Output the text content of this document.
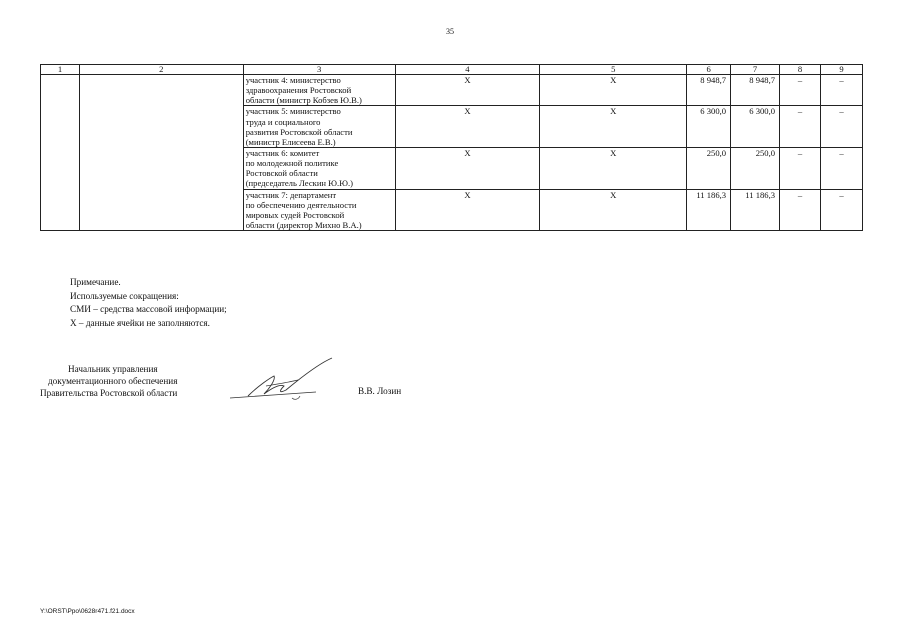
35
1	2	3	4	5	6	7	8	9

		участник 4: министерство
здравоохранения Ростовской
области (министр Кобзев Ю.В.)	Х	Х	8 948,7	8 948,7	–	–

		участник 5: министерство
труда и социального
развития Ростовской области
(министр Елисеева Е.В.)	Х	Х	6 300,0	6 300,0	–	–

		участник 6: комитет
по молодежной политике
Ростовской области
(председатель Лескин Ю.Ю.)	Х	Х	250,0	250,0	–	–

		участник 7: департамент
по обеспечению деятельности
мировых судей Ростовской
области (директор Михно В.А.)	Х	Х	11 186,3	11 186,3	–	–
Примечание.
Используемые сокращения:
СМИ – средства массовой информации;
Х – данные ячейки не заполняются.
Начальник управления
документационного обеспечения
Правительства Ростовской области	В.В. Лозин
Y:\ORST\Ppo\0628r471.f21.docx
